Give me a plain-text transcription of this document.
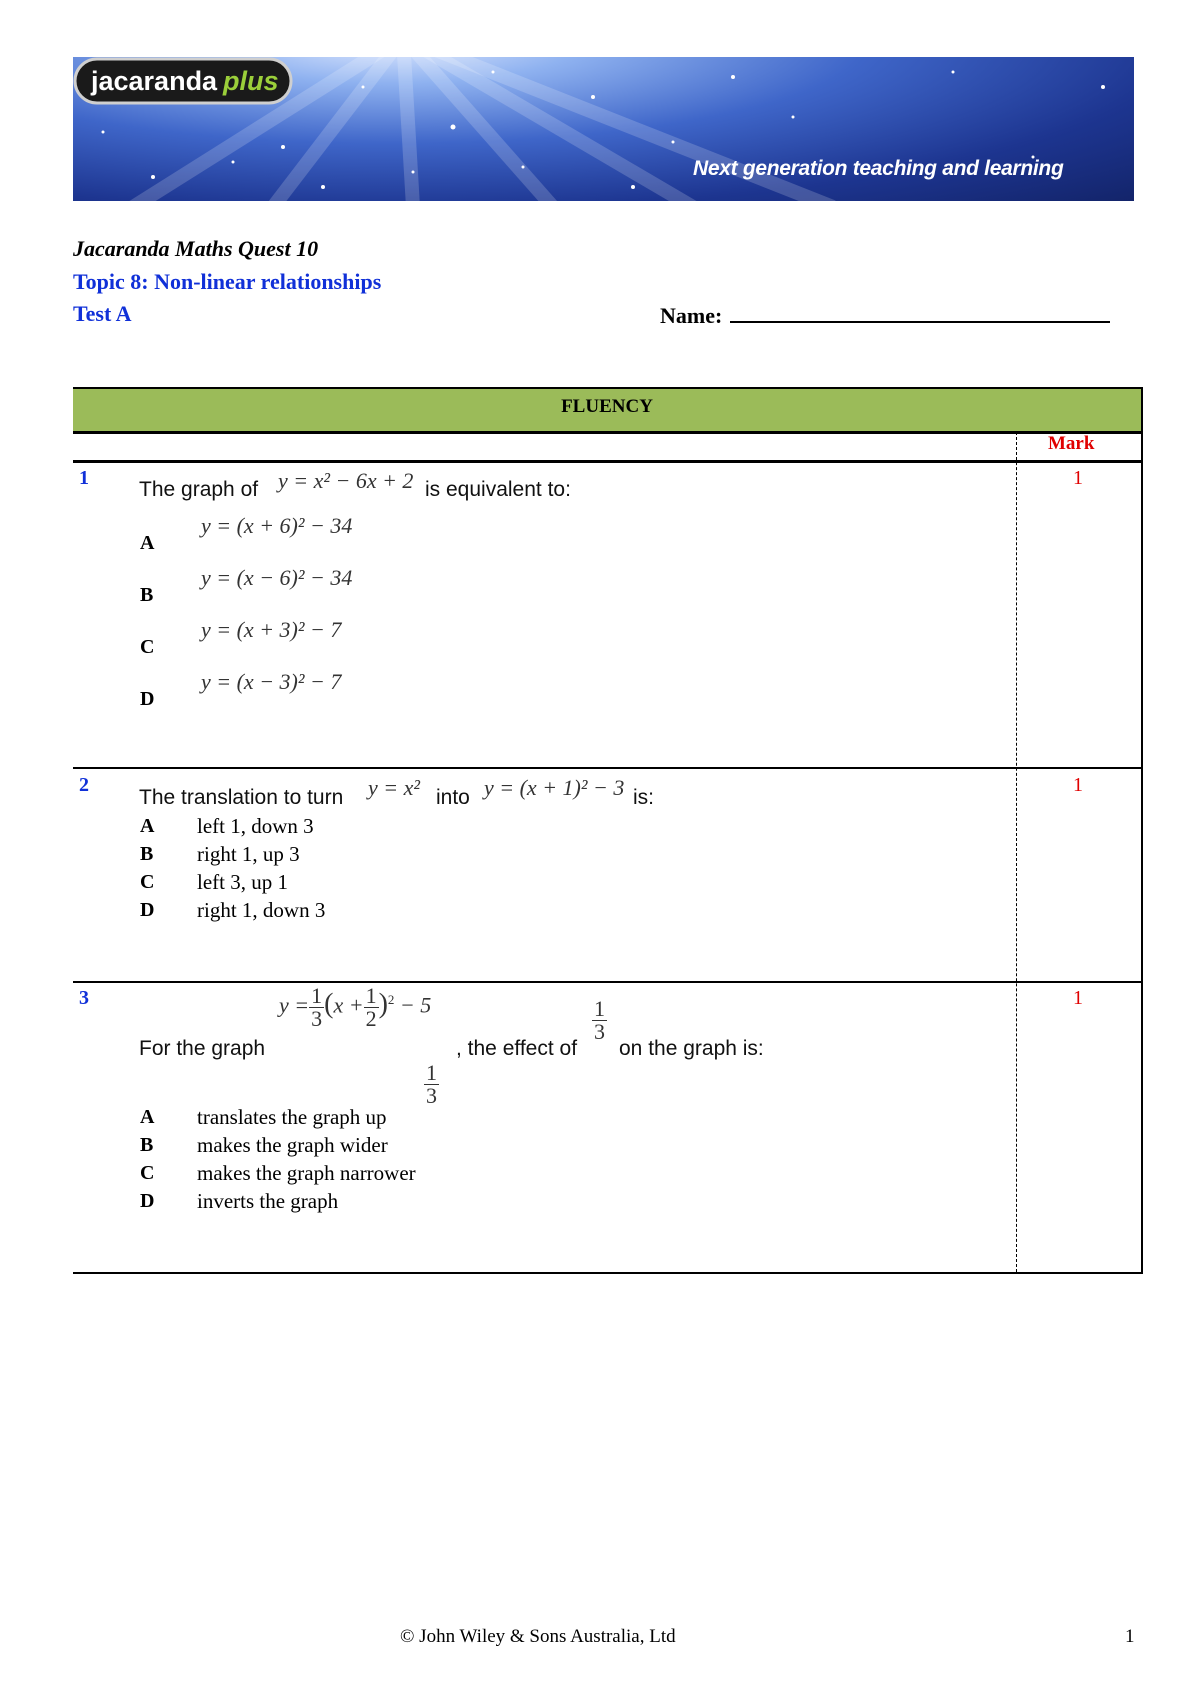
jacaranda plus
Next generation teaching and learning
Jacaranda Maths Quest 10
Topic 8: Non-linear relationships
Test A	Name:
FLUENCY
Mark
1	1
The graph of y = x² − 6x + 2 is equivalent to:
A
y = (x + 6)² − 34
B
y = (x − 6)² − 34
C
y = (x + 3)² − 7
D
y = (x − 3)² − 7
2	1
The translation to turn y = x² into y = (x + 1)² − 3 is:
A left 1, down 3
B right 1, up 3
C left 3, up 1
D right 1, down 3
3	1
For the graph
$y = \frac{1}{3} (x + \frac{1}{2} )^2 - 5$
, the effect of
$\frac{1}{3}$
on the graph is:
A translates the graph up
$\frac{1}{3}$
B makes the graph wider
C makes the graph narrower
D inverts the graph
© John Wiley & Sons Australia, Ltd	1
